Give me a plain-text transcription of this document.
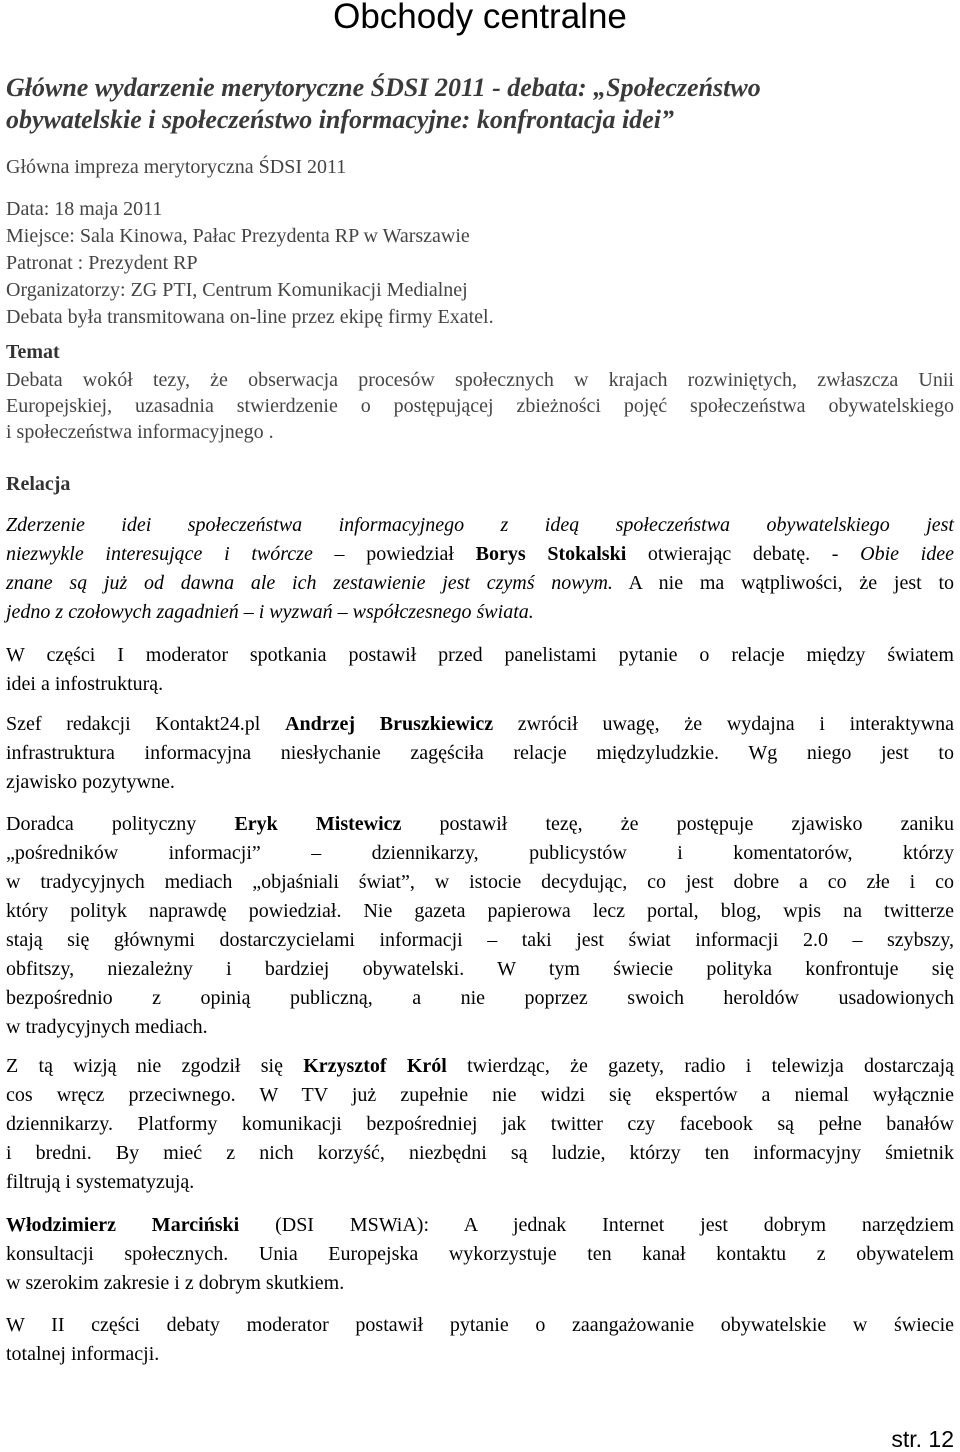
Obchody centralne
Główne wydarzenie merytoryczne ŚDSI 2011 - debata: „Społeczeństwo
obywatelskie i społeczeństwo informacyjne: konfrontacja idei”
Główna impreza merytoryczna ŚDSI 2011
Data: 18 maja 2011
Miejsce: Sala Kinowa, Pałac Prezydenta RP w Warszawie
Patronat : Prezydent RP
Organizatorzy: ZG PTI, Centrum Komunikacji Medialnej
Debata była transmitowana on-line przez ekipę firmy Exatel.
Temat
Debata wokół tezy, że obserwacja procesów społecznych w krajach rozwiniętych, zwłaszcza Unii
Europejskiej, uzasadnia stwierdzenie o postępującej zbieżności pojęć społeczeństwa obywatelskiego
i społeczeństwa informacyjnego .
Relacja
Zderzenie idei społeczeństwa informacyjnego z ideą społeczeństwa obywatelskiego jest
niezwykle interesujące i twórcze – powiedział Borys Stokalski otwierając debatę. - Obie idee
znane są już od dawna ale ich zestawienie jest czymś nowym. A nie ma wątpliwości, że jest to
jedno z czołowych zagadnień – i wyzwań – współczesnego świata.
W części I moderator spotkania postawił przed panelistami pytanie o relacje między światem
idei a infostrukturą.
Szef redakcji Kontakt24.pl Andrzej Bruszkiewicz zwrócił uwagę, że wydajna i interaktywna
infrastruktura informacyjna niesłychanie zagęściła relacje międzyludzkie. Wg niego jest to
zjawisko pozytywne.
Doradca polityczny Eryk Mistewicz postawił tezę, że postępuje zjawisko zaniku
„pośredników informacji” – dziennikarzy, publicystów i komentatorów, którzy
w tradycyjnych mediach „objaśniali świat”, w istocie decydując, co jest dobre a co złe i co
który polityk naprawdę powiedział. Nie gazeta papierowa lecz portal, blog, wpis na twitterze
stają się głównymi dostarczycielami informacji – taki jest świat informacji 2.0 – szybszy,
obfitszy, niezależny i bardziej obywatelski. W tym świecie polityka konfrontuje się
bezpośrednio z opinią publiczną, a nie poprzez swoich heroldów usadowionych
w tradycyjnych mediach.
Z tą wizją nie zgodził się Krzysztof Król twierdząc, że gazety, radio i telewizja dostarczają
cos wręcz przeciwnego. W TV już zupełnie nie widzi się ekspertów a niemal wyłącznie
dziennikarzy. Platformy komunikacji bezpośredniej jak twitter czy facebook są pełne banałów
i bredni. By mieć z nich korzyść, niezbędni są ludzie, którzy ten informacyjny śmietnik
filtrują i systematyzują.
Włodzimierz Marciński (DSI MSWiA): A jednak Internet jest dobrym narzędziem
konsultacji społecznych. Unia Europejska wykorzystuje ten kanał kontaktu z obywatelem
w szerokim zakresie i z dobrym skutkiem.
W II części debaty moderator postawił pytanie o zaangażowanie obywatelskie w świecie
totalnej informacji.
str. 12
